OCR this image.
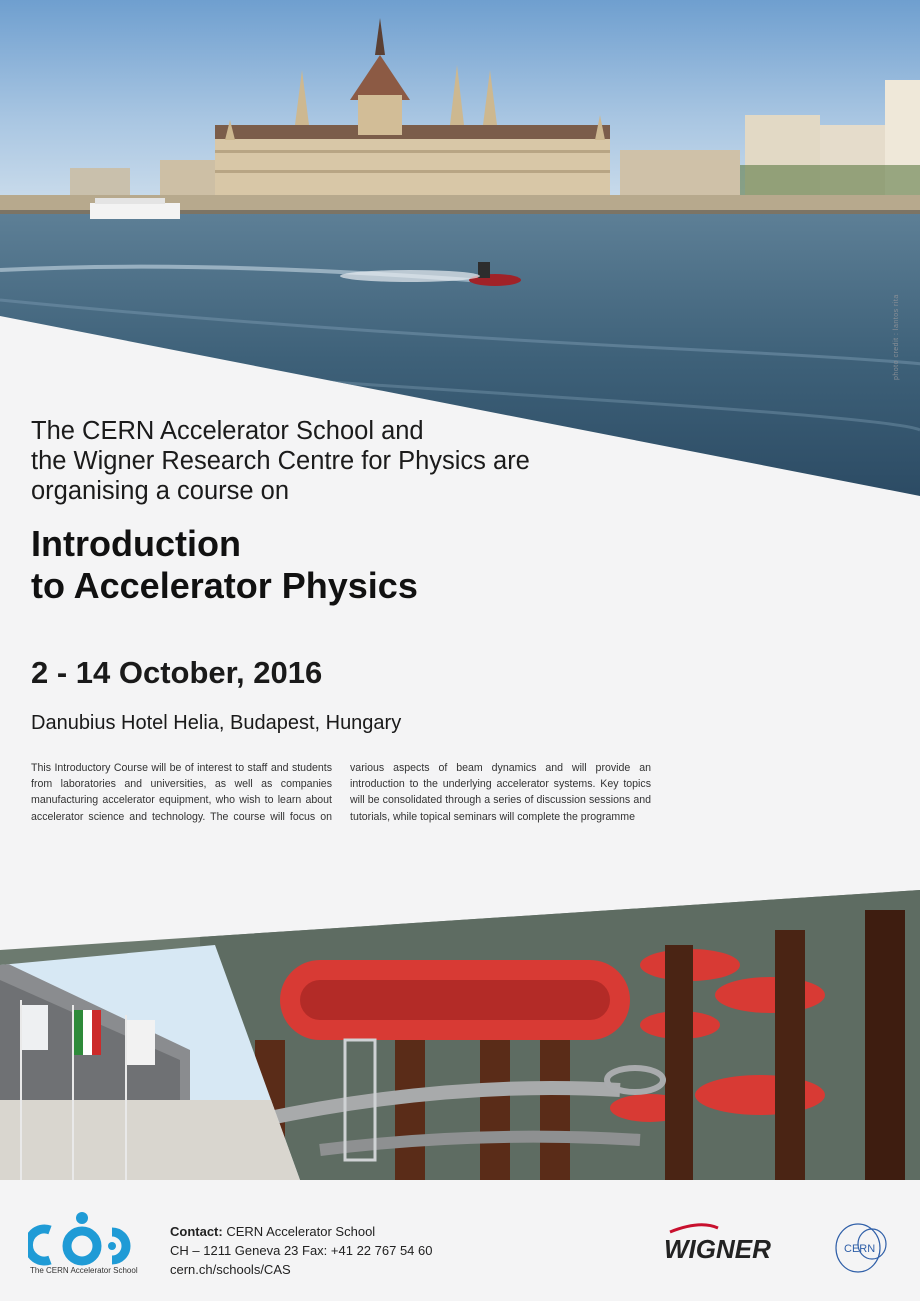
photo credit : lantos rita
The CERN Accelerator School and
the Wigner Research Centre for Physics are
organising a course on
Introduction
to Accelerator Physics
2 - 14 October, 2016
Danubius Hotel Helia, Budapest, Hungary
This Introductory Course will be of interest to staff and students from laboratories and universities, as well as companies manufacturing accelerator equipment, who wish to learn about accelerator science and technology. The course will focus on various aspects of beam dynamics and will provide an introduction to the underlying accelerator systems. Key topics will be consolidated through a series of discussion sessions and tutorials, while topical seminars will complete the programme
The CERN Accelerator School
Contact: CERN Accelerator School
CH – 1211 Geneva 23 Fax: +41 22 767 54 60
cern.ch/schools/CAS
WIGNER	CERN
